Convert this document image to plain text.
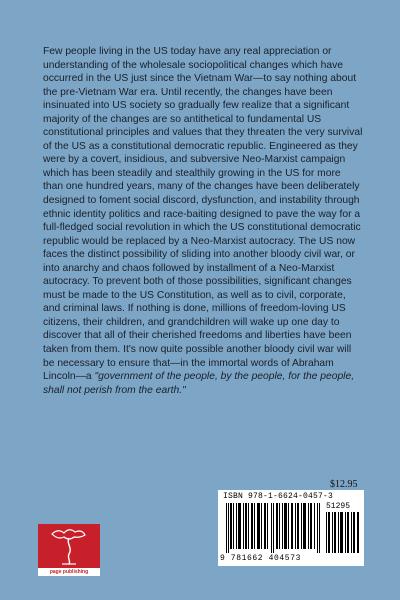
Few people living in the US today have any real appreciation or understanding of the wholesale sociopolitical changes which have occurred in the US just since the Vietnam War—to say nothing about the pre-Vietnam War era. Until recently, the changes have been insinuated into US society so gradually few realize that a significant majority of the changes are so antithetical to fundamental US constitutional principles and values that they threaten the very survival of the US as a constitutional democratic republic. Engineered as they were by a covert, insidious, and subversive Neo-Marxist campaign which has been steadily and stealthily growing in the US for more than one hundred years, many of the changes have been deliberately designed to foment social discord, dysfunction, and instability through ethnic identity politics and race-baiting designed to pave the way for a full-fledged social revolution in which the US constitutional democratic republic would be replaced by a Neo-Marxist autocracy. The US now faces the distinct possibility of sliding into another bloody civil war, or into anarchy and chaos followed by installment of a Neo-Marxist autocracy. To prevent both of those possibilities, significant changes must be made to the US Constitution, as well as to civil, corporate, and criminal laws. If nothing is done, millions of freedom-loving US citizens, their children, and grandchildren will wake up one day to discover that all of their cherished freedoms and liberties have been taken from them. It's now quite possible another bloody civil war will be necessary to ensure that—in the immortal words of Abraham Lincoln—a "government of the people, by the people, for the people, shall not perish from the earth."

$12.95
ISBN 978-1-6624-0457-3
51295
9 781662 404573
page publishing
